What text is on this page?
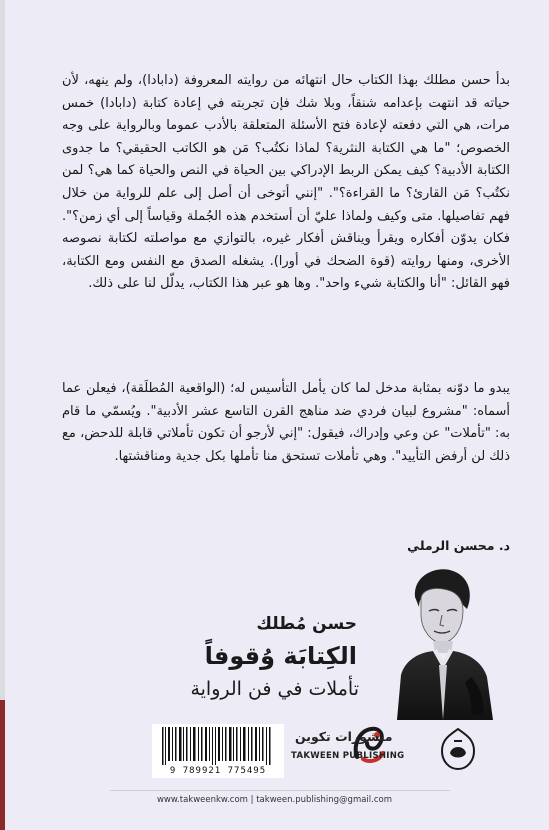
بدأ حسن مطلك بهذا الكتاب حال انتهائه من روايته المعروفة (دابادا)، ولم ينهه، لأن حياته قد انتهت بإعدامه شنقاً، وبلا شك فإن تجربته في إعادة كتابة (دابادا) خمس مرات، هي التي دفعته لإعادة فتح الأسئلة المتعلقة بالأدب عموما وبالرواية على وجه الخصوص؛ "ما هي الكتابة النثرية؟ لماذا نكتُب؟ مَن هو الكاتب الحقيقي؟ ما جدوى الكتابة الأدبية؟ كيف يمكن الربط الإدراكي بين الحياة في النص والحياة كما هي؟ لمن نكتُب؟ مَن القارئ؟ ما القراءة؟". "إنني أتوخى أن أصل إلى علم للرواية من خلال فهم تفاصيلها. متى وكيف ولماذا عليّ أن أستخدم هذه الجُملة وقياساً إلى أي زمن؟". فكان يدوّن أفكاره ويقرأ ويناقش أفكار غيره، بالتوازي مع مواصلته لكتابة نصوصه الأخرى، ومنها روايته (قوة الضحك في أورا). يشغله الصدق مع النفس ومع الكتابة، فهو القائل: "أنا والكتابة شيء واحد". وها هو عبر هذا الكتاب، يدلّل لنا على ذلك.

يبدو ما دوّنه بمثابة مدخل لما كان يأمل التأسيس له؛ (الواقعية المُطلَقة)، فيعلن عما أسماه: "مشروع لبيان فردي ضد مناهج القرن التاسع عشر الأدبية". ويُسمّي ما قام به: "تأملات" عن وعي وإدراك، فيقول: "إني لأرجو أن تكون تأملاتي قابلة للدحض، مع ذلك لن أرفض التأييد". وهي تأملات تستحق منا تأملها بكل جدية ومناقشتها.

د. محسن الرملي
حسن مُطلك
الكِتابَة وُقوفاً
تأملات في فن الرواية
9 789921 775495
منشورات تكوين
TAKWEEN PUBLISHING
www.takweenkw.com | takween.publishing@gmail.com
